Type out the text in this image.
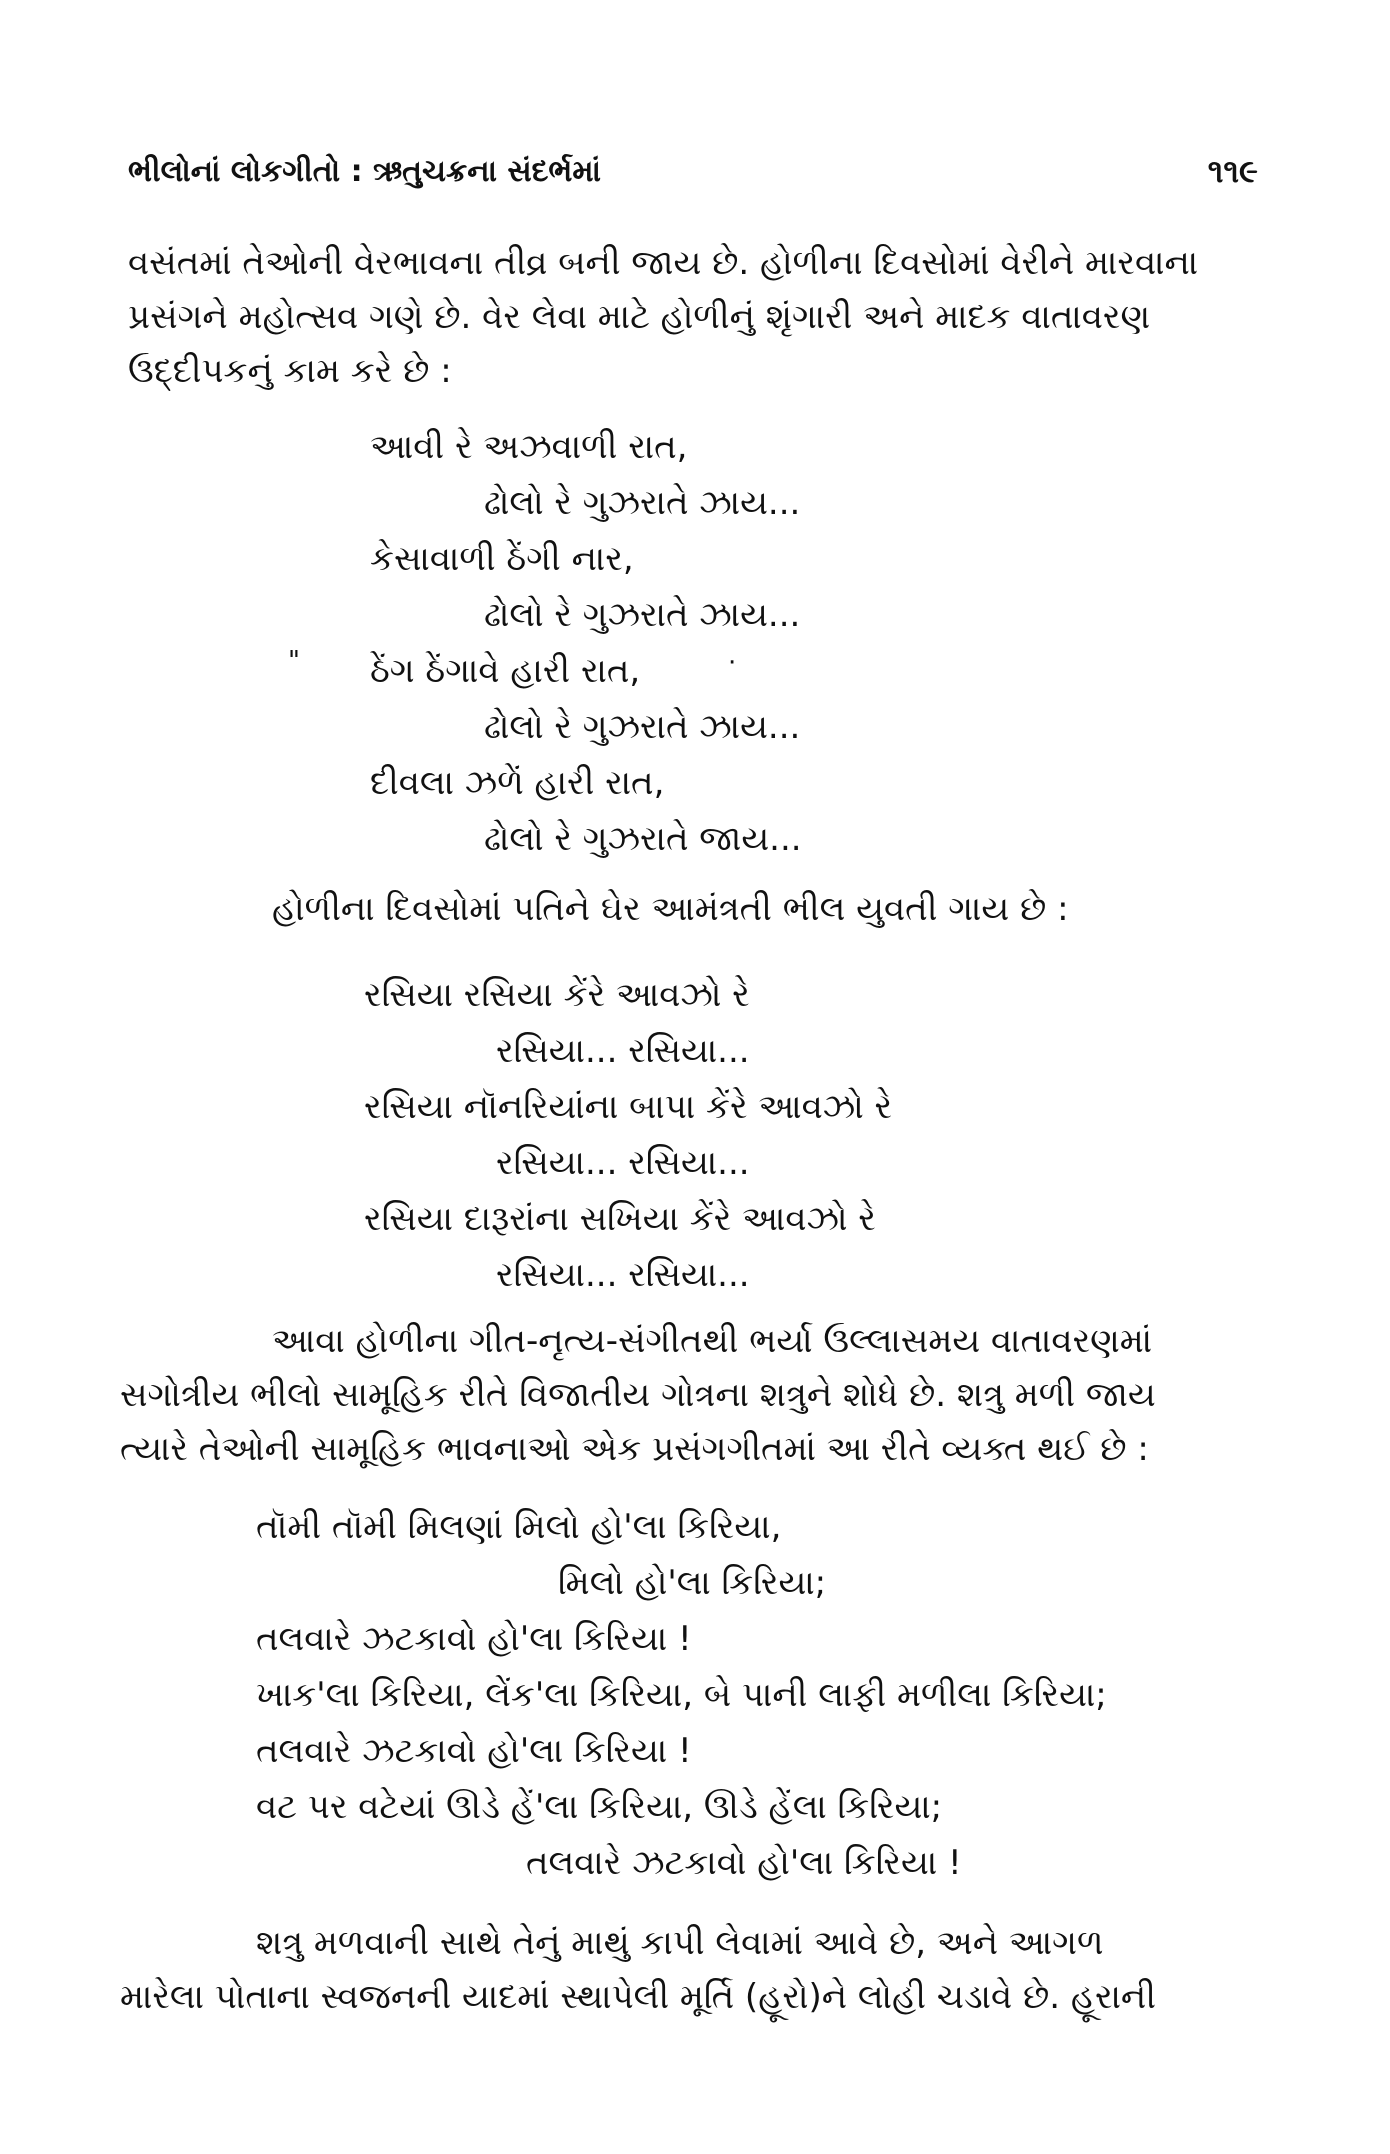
ભીલોનાં લોકગીતો : ઋતુચક્રના સંદર્ભમાં	૧૧૯
વસંતમાં તેઓની વેરભાવના તીવ્ર બની જાય છે. હોળીના દિવસોમાં વેરીને મારવાના
પ્રસંગને મહોત્સવ ગણે છે. વેર લેવા માટે હોળીનું શૃંગારી અને માદક વાતાવરણ
ઉદ્દીપકનું કામ કરે છે :
આવી રે અઝવાળી રાત,
ઢોલો રે ગુઝરાતે ઝાય...
કેસાવાળી ઠેંગી નાર,
ઢોલો રે ગુઝરાતે ઝાય...
" ઠેંગ ઠેંગાવે હારી રાત,	·
ઢોલો રે ગુઝરાતે ઝાય...
દીવલા ઝળેં હારી રાત,
ઢોલો રે ગુઝરાતે જાય...
હોળીના દિવસોમાં પતિને ઘેર આમંત્રતી ભીલ યુવતી ગાય છે :
રસિયા રસિયા કેંરે આવઝો રે
રસિયા... રસિયા...
રસિયા નૉનરિયાંના બાપા કેંરે આવઝો રે
રસિયા... રસિયા...
રસિયા દારૂરાંના સખિયા કેંરે આવઝો રે
રસિયા... રસિયા...
આવા હોળીના ગીત-નૃત્ય-સંગીતથી ભર્યા ઉલ્લાસમય વાતાવરણમાં
સગોત્રીય ભીલો સામૂહિક રીતે વિજાતીય ગોત્રના શત્રુને શોધે છે. શત્રુ મળી જાય
ત્યારે તેઓની સામૂહિક ભાવનાઓ એક પ્રસંગગીતમાં આ રીતે વ્યક્ત થઈ છે :
તૉમી તૉમી મિલણાં મિલો હો'લા કિરિયા,
મિલો હો'લા કિરિયા;
તલવારે ઝટકાવો હો'લા કિરિયા !
ખાક'લા કિરિયા, લેંક'લા કિરિયા, બે પાની લાફી મળીલા કિરિયા;
તલવારે ઝટકાવો હો'લા કિરિયા !
વટ પર વટેયાં ઊડે હેં'લા કિરિયા, ઊડે હેંલા કિરિયા;
તલવારે ઝટકાવો હો'લા કિરિયા !
શત્રુ મળવાની સાથે તેનું માથું કાપી લેવામાં આવે છે, અને આગળ
મારેલા પોતાના સ્વજનની યાદમાં સ્થાપેલી મૂર્તિ (હૂરો)ને લોહી ચડાવે છે. હૂરાની
